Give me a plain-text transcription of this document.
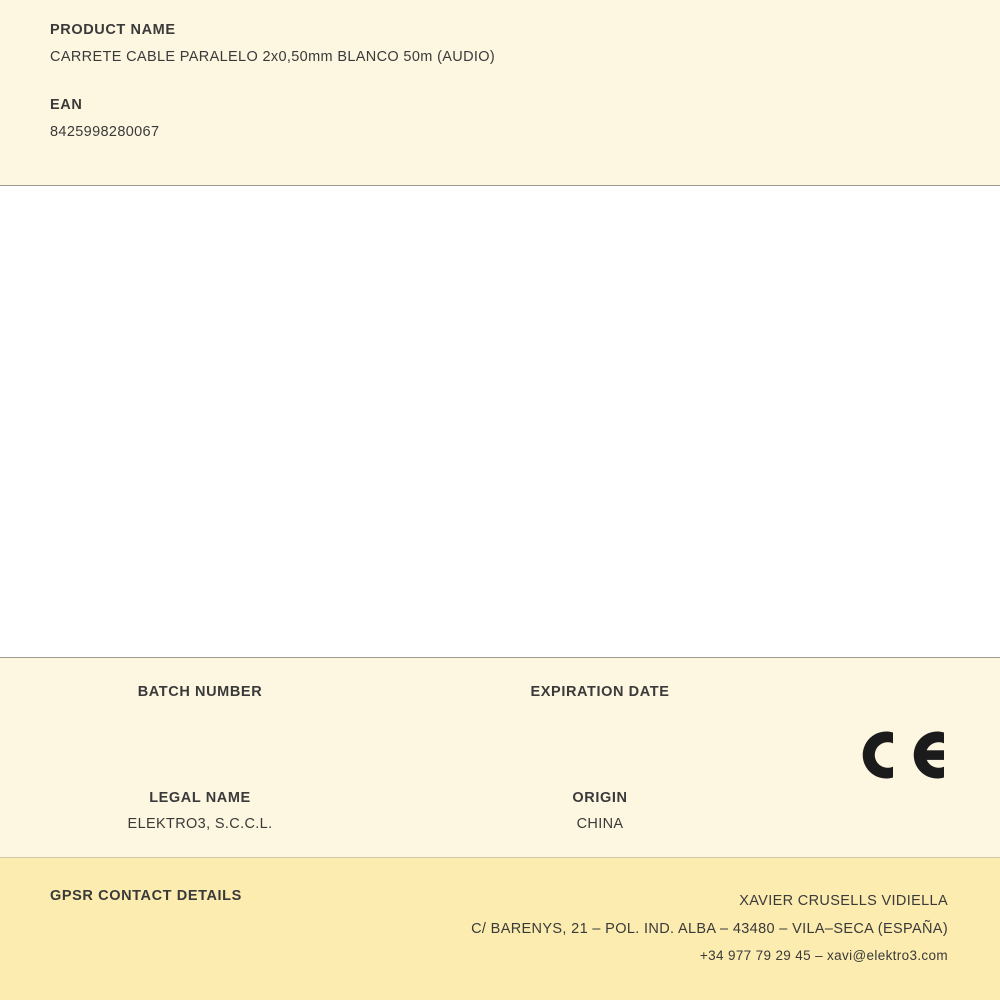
PRODUCT NAME
CARRETE CABLE PARALELO 2x0,50mm BLANCO 50m (AUDIO)
EAN
8425998280067
BATCH NUMBER	EXPIRATION DATE
LEGAL NAME
ELEKTRO3, S.C.C.L.
ORIGIN
CHINA
GPSR CONTACT DETAILS	XAVIER CRUSELLS VIDIELLA
C/ BARENYS, 21 – POL. IND. ALBA – 43480 – VILA–SECA (ESPAÑA)
+34 977 79 29 45 – xavi@elektro3.com
